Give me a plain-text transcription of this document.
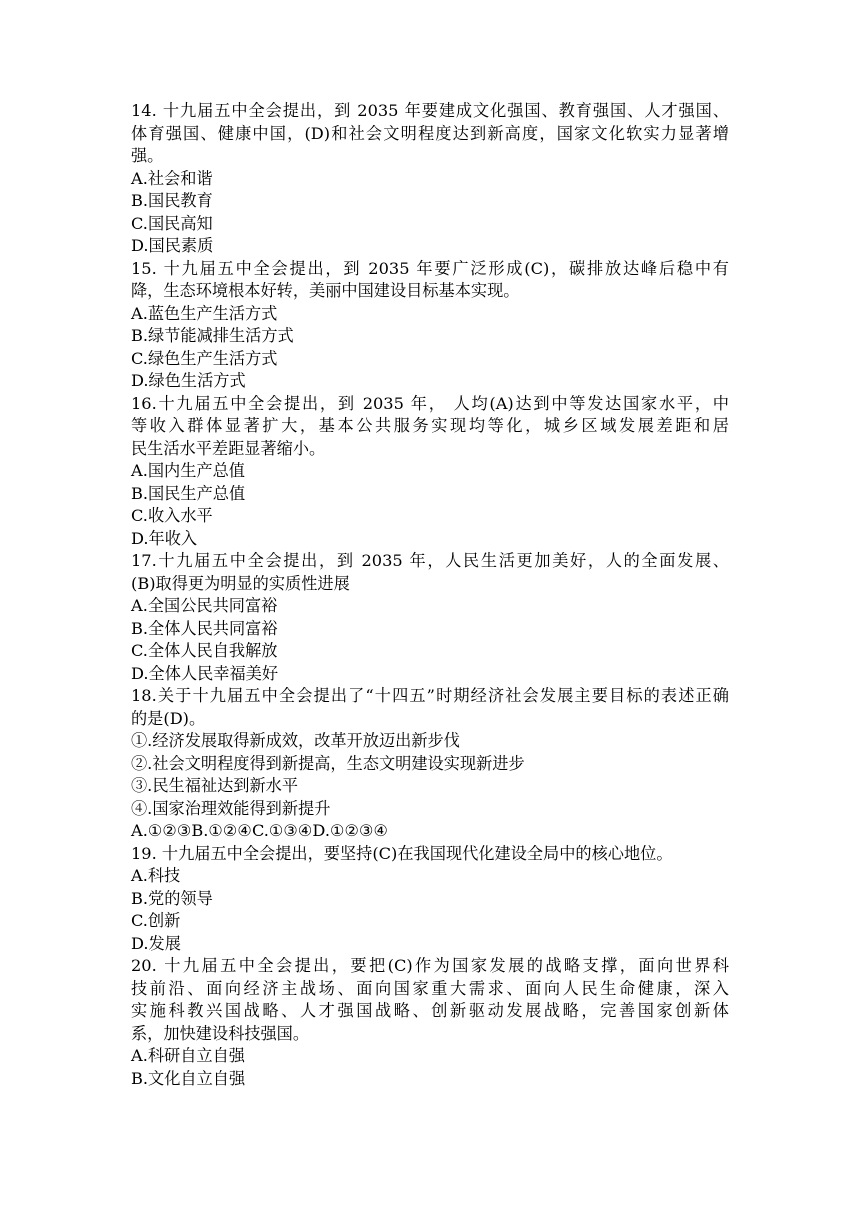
14. 十九届五中全会提出，到 2035 年要建成文化强国、教育强国、人才强国、
体育强国、健康中国，(D)和社会文明程度达到新高度，国家文化软实力显著增
强。
A.社会和谐
B.国民教育
C.国民高知
D.国民素质
15. 十九届五中全会提出，到 2035 年要广泛形成(C)，碳排放达峰后稳中有
降，生态环境根本好转，美丽中国建设目标基本实现。
A.蓝色生产生活方式
B.绿节能减排生活方式
C.绿色生产生活方式
D.绿色生活方式
16.十九届五中全会提出，到 2035 年， 人均(A)达到中等发达国家水平，中
等收入群体显著扩大，基本公共服务实现均等化，城乡区域发展差距和居
民生活水平差距显著缩小。
A.国内生产总值
B.国民生产总值
C.收入水平
D.年收入
17.十九届五中全会提出，到 2035 年，人民生活更加美好，人的全面发展、
(B)取得更为明显的实质性进展
A.全国公民共同富裕
B.全体人民共同富裕
C.全体人民自我解放
D.全体人民幸福美好
18.关于十九届五中全会提出了“十四五”时期经济社会发展主要目标的表述正确
的是(D)。
①.经济发展取得新成效，改革开放迈出新步伐
②.社会文明程度得到新提高，生态文明建设实现新进步
③.民生福祉达到新水平
④.国家治理效能得到新提升
A.①②③B.①②④C.①③④D.①②③④
19. 十九届五中全会提出，要坚持(C)在我国现代化建设全局中的核心地位。
A.科技
B.党的领导
C.创新
D.发展
20. 十九届五中全会提出，要把(C)作为国家发展的战略支撑，面向世界科
技前沿、面向经济主战场、面向国家重大需求、面向人民生命健康，深入
实施科教兴国战略、人才强国战略、创新驱动发展战略，完善国家创新体
系，加快建设科技强国。
A.科研自立自强
B.文化自立自强
